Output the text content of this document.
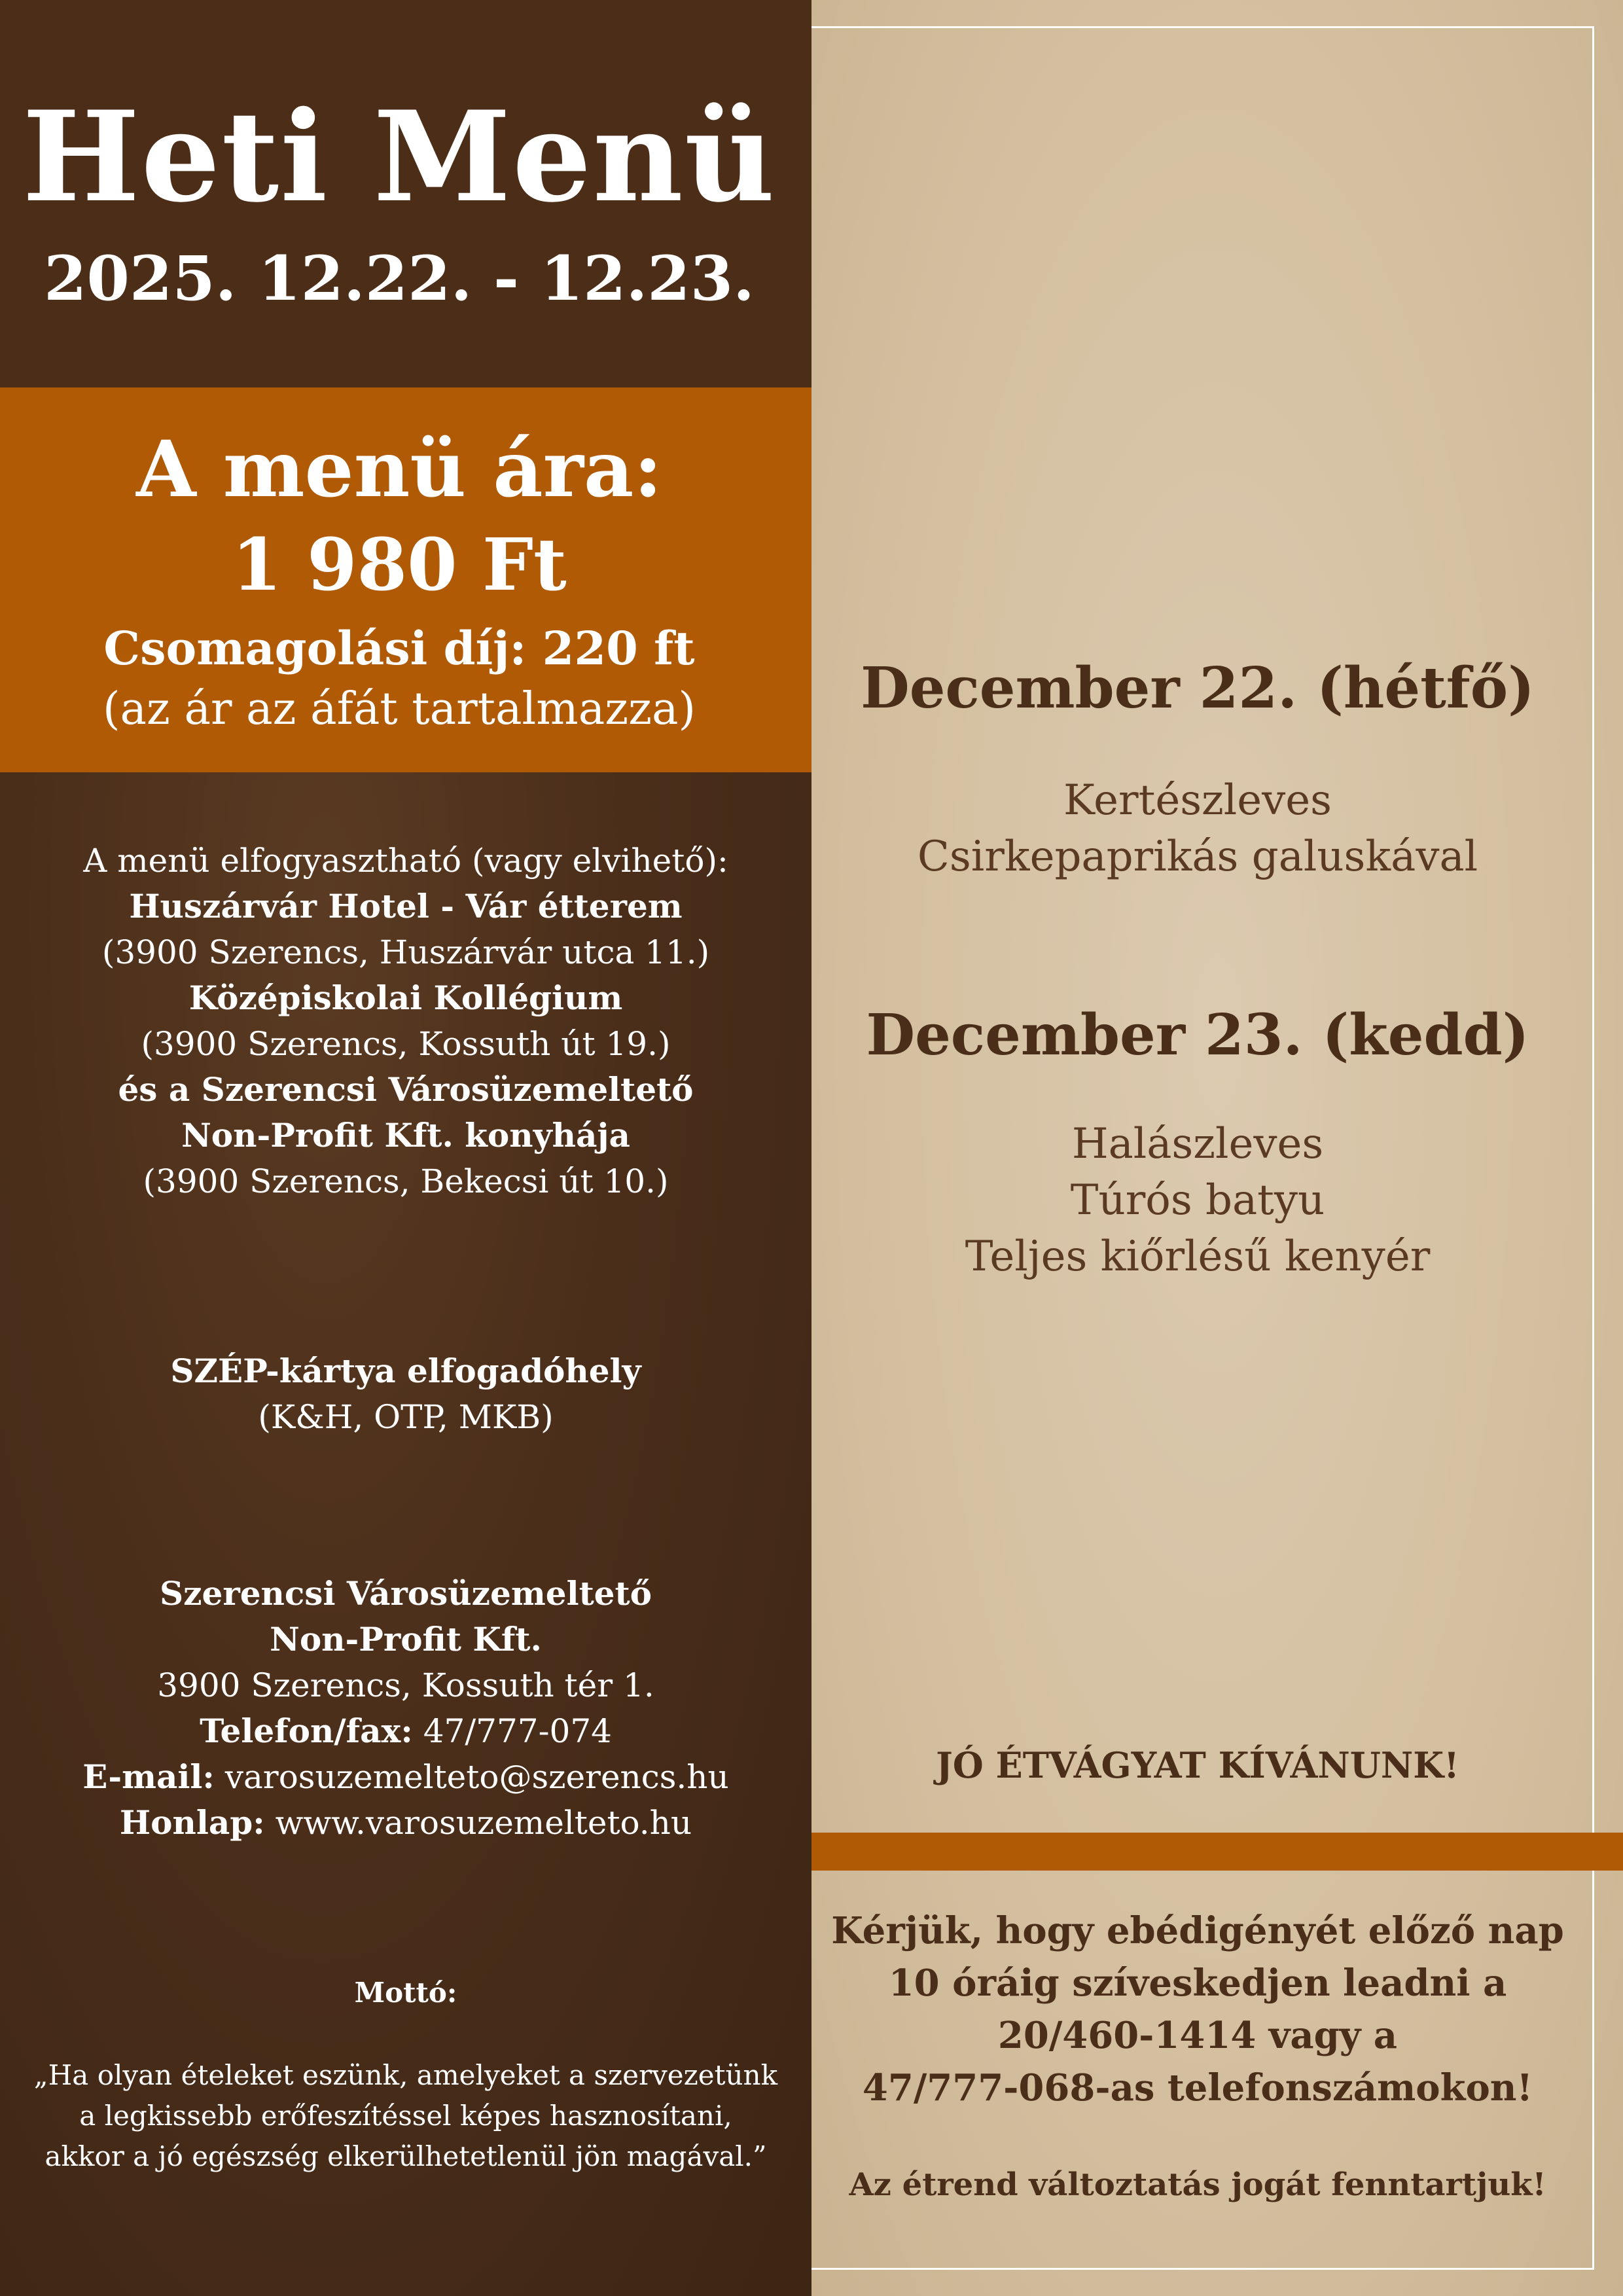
Heti Menü
2025. 12.22. - 12.23.
A menü ára:
1 980 Ft
Csomagolási díj: 220 ft
(az ár az áfát tartalmazza)
A menü elfogyasztható (vagy elvihető):
Huszárvár Hotel - Vár étterem
(3900 Szerencs, Huszárvár utca 11.)
Középiskolai Kollégium
(3900 Szerencs, Kossuth út 19.)
és a Szerencsi Városüzemeltető
Non-Profit Kft. konyhája
(3900 Szerencs, Bekecsi út 10.)
SZÉP-kártya elfogadóhely
(K&H, OTP, MKB)
Szerencsi Városüzemeltető
Non-Profit Kft.
3900 Szerencs, Kossuth tér 1.
Telefon/fax: 47/777-074
E-mail: varosuzemelteto@szerencs.hu
Honlap: www.varosuzemelteto.hu
Mottó:
„Ha olyan ételeket eszünk, amelyeket a szervezetünk
a legkissebb erőfeszítéssel képes hasznosítani,
akkor a jó egészség elkerülhetetlenül jön magával.”
December 22. (hétfő)
Kertészleves
Csirkepaprikás galuskával
December 23. (kedd)
Halászleves
Túrós batyu
Teljes kiőrlésű kenyér
JÓ ÉTVÁGYAT KÍVÁNUNK!
Kérjük, hogy ebédigényét előző nap
10 óráig szíveskedjen leadni a
20/460-1414 vagy a
47/777-068-as telefonszámokon!
Az étrend változtatás jogát fenntartjuk!
